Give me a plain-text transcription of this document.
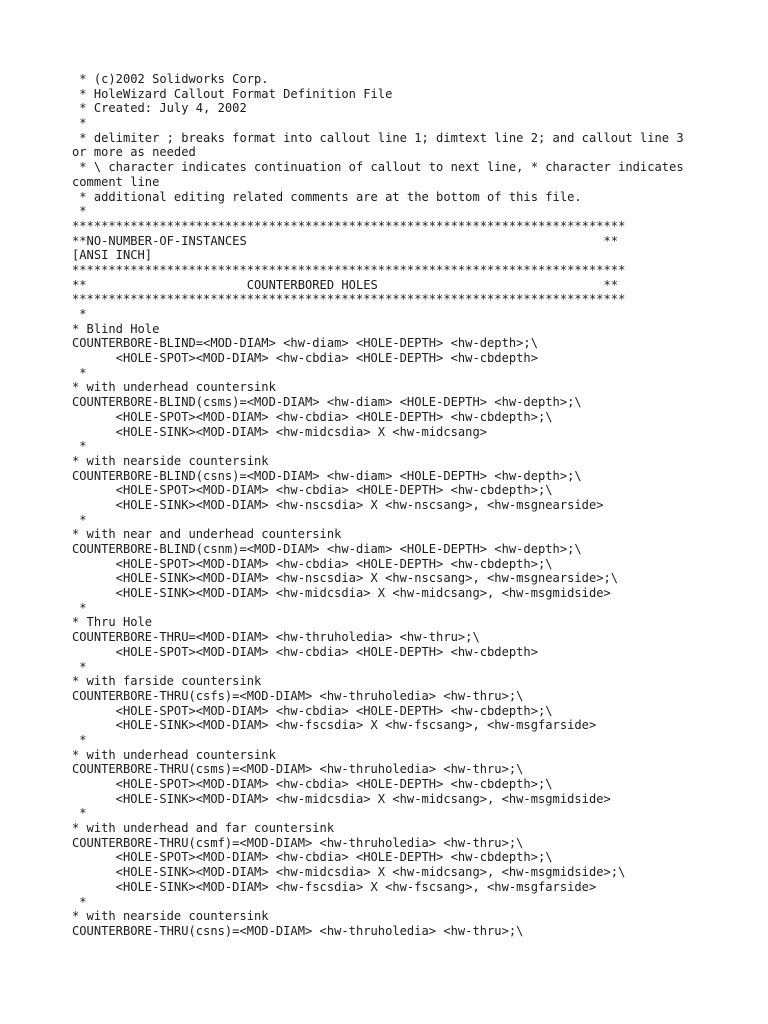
* (c)2002 Solidworks Corp.
* HoleWizard Callout Format Definition File
* Created: July 4, 2002
*
* delimiter ; breaks format into callout line 1; dimtext line 2; and callout line 3
or more as needed
* \ character indicates continuation of callout to next line, * character indicates
comment line
* additional editing related comments are at the bottom of this file.
*
****************************************************************************
**NO-NUMBER-OF-INSTANCES                                                 **
[ANSI INCH]
****************************************************************************
**                      COUNTERBORED HOLES                               **
****************************************************************************
*
* Blind Hole
COUNTERBORE-BLIND=<MOD-DIAM> <hw-diam> <HOLE-DEPTH> <hw-depth>;\
<HOLE-SPOT><MOD-DIAM> <hw-cbdia> <HOLE-DEPTH> <hw-cbdepth>
*
* with underhead countersink
COUNTERBORE-BLIND(csms)=<MOD-DIAM> <hw-diam> <HOLE-DEPTH> <hw-depth>;\
<HOLE-SPOT><MOD-DIAM> <hw-cbdia> <HOLE-DEPTH> <hw-cbdepth>;\
<HOLE-SINK><MOD-DIAM> <hw-midcsdia> X <hw-midcsang>
*
* with nearside countersink
COUNTERBORE-BLIND(csns)=<MOD-DIAM> <hw-diam> <HOLE-DEPTH> <hw-depth>;\
<HOLE-SPOT><MOD-DIAM> <hw-cbdia> <HOLE-DEPTH> <hw-cbdepth>;\
<HOLE-SINK><MOD-DIAM> <hw-nscsdia> X <hw-nscsang>, <hw-msgnearside>
*
* with near and underhead countersink
COUNTERBORE-BLIND(csnm)=<MOD-DIAM> <hw-diam> <HOLE-DEPTH> <hw-depth>;\
<HOLE-SPOT><MOD-DIAM> <hw-cbdia> <HOLE-DEPTH> <hw-cbdepth>;\
<HOLE-SINK><MOD-DIAM> <hw-nscsdia> X <hw-nscsang>, <hw-msgnearside>;\
<HOLE-SINK><MOD-DIAM> <hw-midcsdia> X <hw-midcsang>, <hw-msgmidside>
*
* Thru Hole
COUNTERBORE-THRU=<MOD-DIAM> <hw-thruholedia> <hw-thru>;\
<HOLE-SPOT><MOD-DIAM> <hw-cbdia> <HOLE-DEPTH> <hw-cbdepth>
*
* with farside countersink
COUNTERBORE-THRU(csfs)=<MOD-DIAM> <hw-thruholedia> <hw-thru>;\
<HOLE-SPOT><MOD-DIAM> <hw-cbdia> <HOLE-DEPTH> <hw-cbdepth>;\
<HOLE-SINK><MOD-DIAM> <hw-fscsdia> X <hw-fscsang>, <hw-msgfarside>
*
* with underhead countersink
COUNTERBORE-THRU(csms)=<MOD-DIAM> <hw-thruholedia> <hw-thru>;\
<HOLE-SPOT><MOD-DIAM> <hw-cbdia> <HOLE-DEPTH> <hw-cbdepth>;\
<HOLE-SINK><MOD-DIAM> <hw-midcsdia> X <hw-midcsang>, <hw-msgmidside>
*
* with underhead and far countersink
COUNTERBORE-THRU(csmf)=<MOD-DIAM> <hw-thruholedia> <hw-thru>;\
<HOLE-SPOT><MOD-DIAM> <hw-cbdia> <HOLE-DEPTH> <hw-cbdepth>;\
<HOLE-SINK><MOD-DIAM> <hw-midcsdia> X <hw-midcsang>, <hw-msgmidside>;\
<HOLE-SINK><MOD-DIAM> <hw-fscsdia> X <hw-fscsang>, <hw-msgfarside>
*
* with nearside countersink
COUNTERBORE-THRU(csns)=<MOD-DIAM> <hw-thruholedia> <hw-thru>;\
